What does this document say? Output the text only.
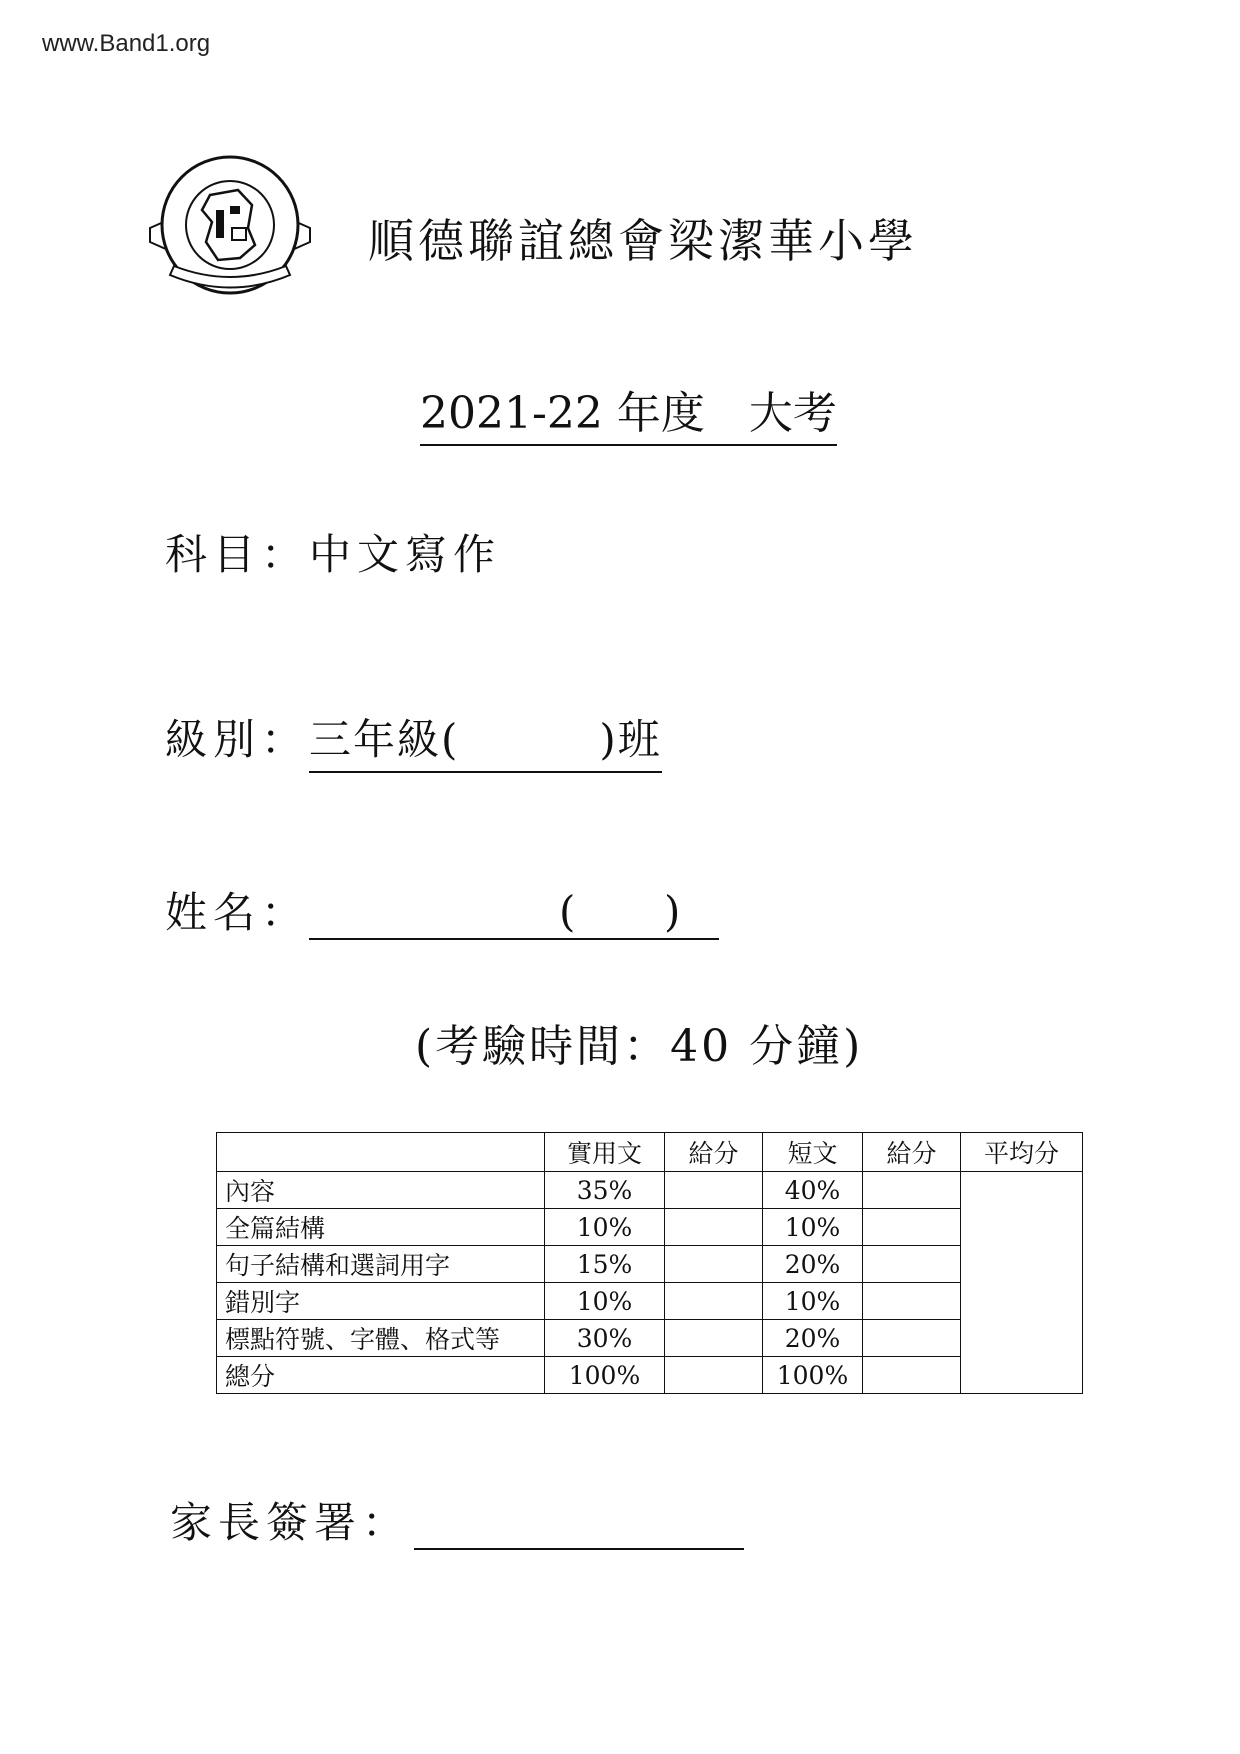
www.Band1.org
順德聯誼總會梁潔華小學
2021-22 年度　大考
科目：中文寫作
級別：三年級(	)班
姓名：	( )
(考驗時間：40 分鐘)
	實用文	給分	短文	給分	平均分
內容	35%		40%		
全篇結構	10%		10%		
句子結構和選詞用字	15%		20%		
錯別字	10%		10%		
標點符號、字體、格式等	30%		20%		
總分	100%		100%		
家長簽署：
